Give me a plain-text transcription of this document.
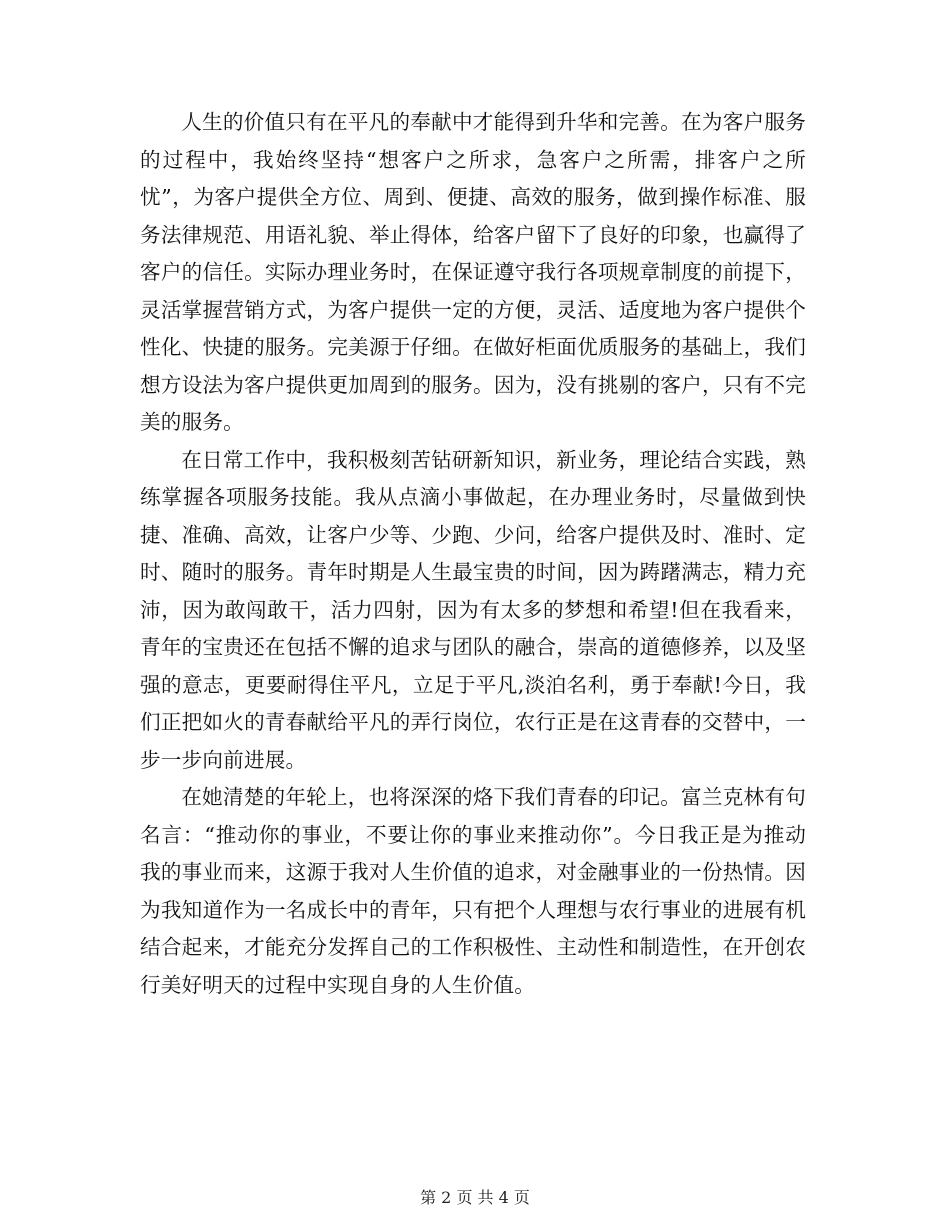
人生的价值只有在平凡的奉献中才能得到升华和完善。在为客户服务的过程中，我始终坚持“想客户之所求，急客户之所需，排客户之所忧”，为客户提供全方位、周到、便捷、高效的服务，做到操作标准、服务法律规范、用语礼貌、举止得体，给客户留下了良好的印象，也赢得了客户的信任。实际办理业务时，在保证遵守我行各项规章制度的前提下，灵活掌握营销方式，为客户提供一定的方便，灵活、适度地为客户提供个性化、快捷的服务。完美源于仔细。在做好柜面优质服务的基础上，我们想方设法为客户提供更加周到的服务。因为，没有挑剔的客户，只有不完美的服务。

在日常工作中，我积极刻苦钻研新知识，新业务，理论结合实践，熟练掌握各项服务技能。我从点滴小事做起，在办理业务时，尽量做到快捷、准确、高效，让客户少等、少跑、少问，给客户提供及时、准时、定时、随时的服务。青年时期是人生最宝贵的时间，因为踌躇满志，精力充沛，因为敢闯敢干，活力四射，因为有太多的梦想和希望!但在我看来，青年的宝贵还在包括不懈的追求与团队的融合，崇高的道德修养，以及坚强的意志，更要耐得住平凡，立足于平凡,淡泊名利，勇于奉献!今日，我们正把如火的青春献给平凡的弄行岗位，农行正是在这青春的交替中，一步一步向前进展。

在她清楚的年轮上，也将深深的烙下我们青春的印记。富兰克林有句名言：“推动你的事业，不要让你的事业来推动你”。今日我正是为推动我的事业而来，这源于我对人生价值的追求，对金融事业的一份热情。因为我知道作为一名成长中的青年，只有把个人理想与农行事业的进展有机结合起来，才能充分发挥自己的工作积极性、主动性和制造性，在开创农行美好明天的过程中实现自身的人生价值。

第 2 页 共 4 页
